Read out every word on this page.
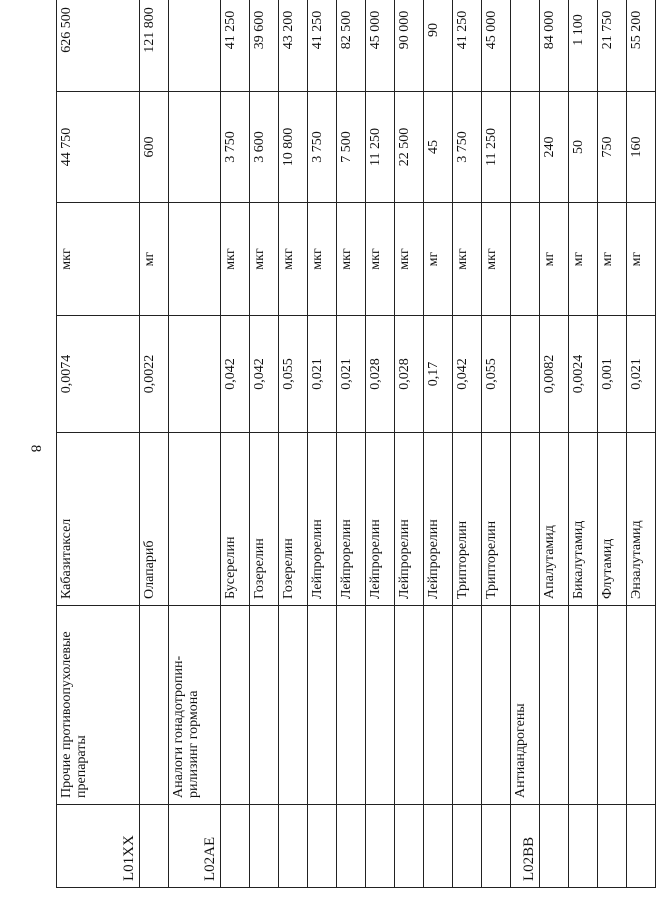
8
L01XX	Прочие противоопухолевые препараты	Кабазитаксел	0,0074	мкг	44 750	626 500
		Олапариб	0,0022	мг	600	121 800
L02AE	Аналоги гонадотропин-рилизинг гормона					
		Бусерелин	0,042	мкг	3 750	41 250
		Гозерелин	0,042	мкг	3 600	39 600
		Гозерелин	0,055	мкг	10 800	43 200
		Лейпрорелин	0,021	мкг	3 750	41 250
		Лейпрорелин	0,021	мкг	7 500	82 500
		Лейпрорелин	0,028	мкг	11 250	45 000
		Лейпрорелин	0,028	мкг	22 500	90 000
		Лейпрорелин	0,17	мг	45	90
		Трипторелин	0,042	мкг	3 750	41 250
		Трипторелин	0,055	мкг	11 250	45 000
L02BB	Антиандрогены					
		Апалутамид	0,0082	мг	240	84 000
		Бикалутамид	0,0024	мг	50	1 100
		Флутамид	0,001	мг	750	21 750
		Энзалутамид	0,021	мг	160	55 200
